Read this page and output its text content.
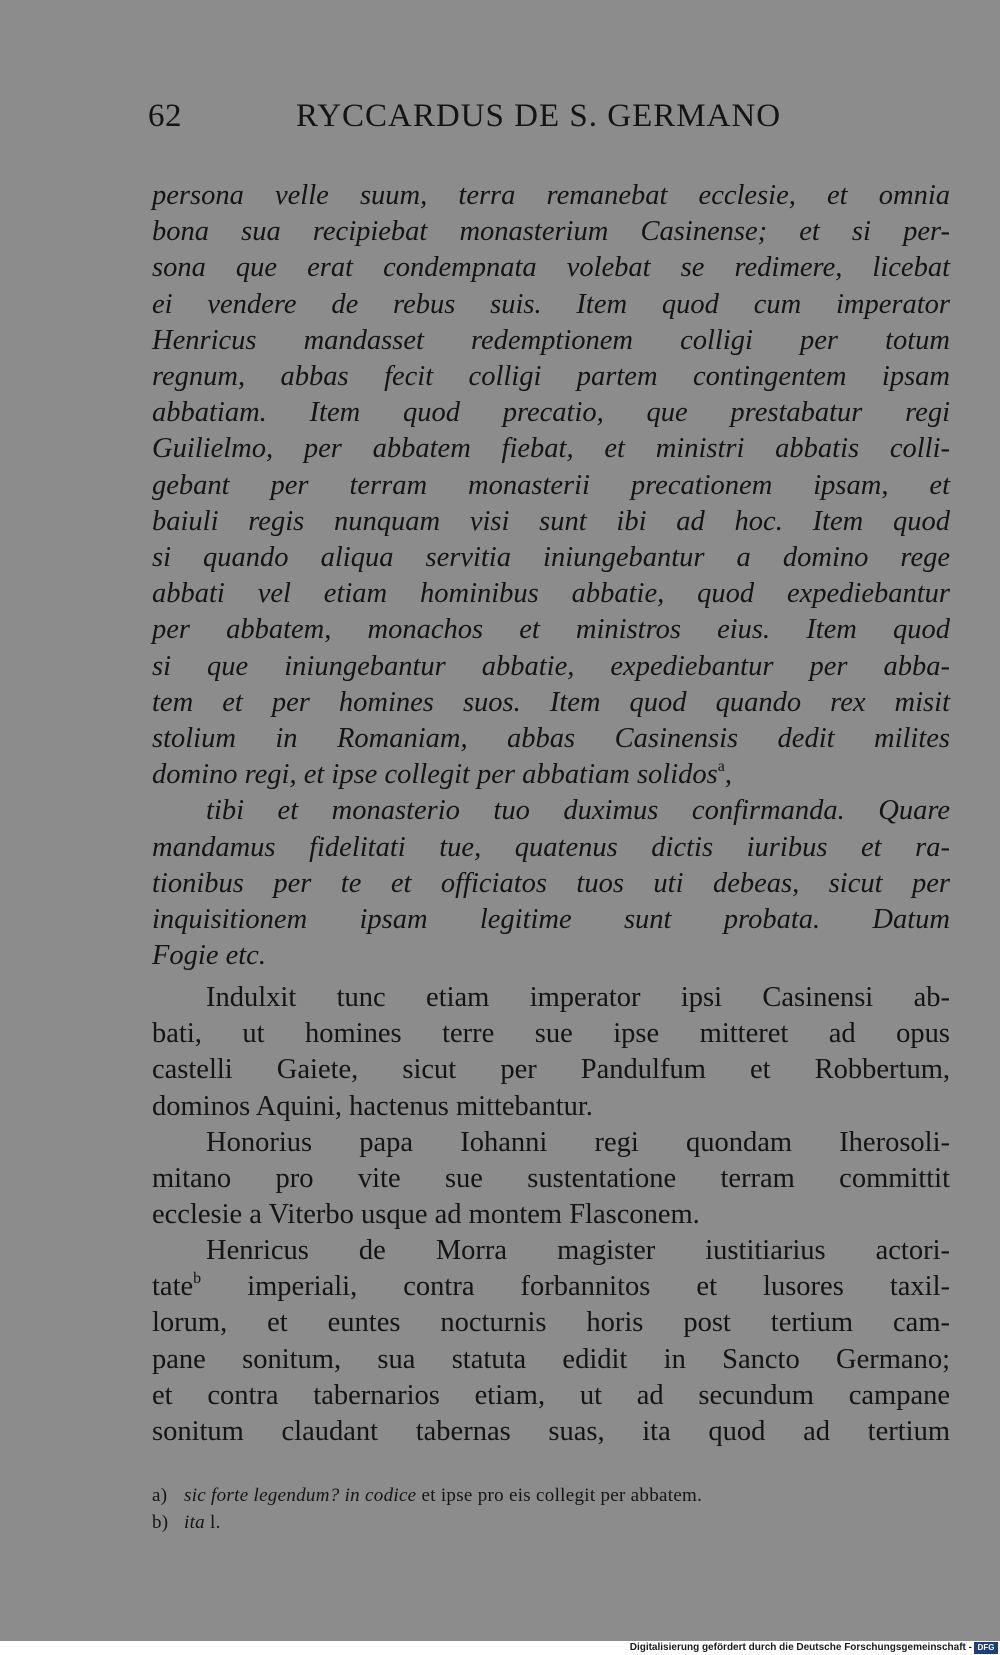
62	RYCCARDUS DE S. GERMANO
persona velle suum, terra remanebat ecclesie, et omnia
bona sua recipiebat monasterium Casinense; et si per-
sona que erat condempnata volebat se redimere, licebat
ei vendere de rebus suis. Item quod cum imperator
Henricus mandasset redemptionem colligi per totum
regnum, abbas fecit colligi partem contingentem ipsam
abbatiam. Item quod precatio, que prestabatur regi
Guilielmo, per abbatem fiebat, et ministri abbatis colli-
gebant per terram monasterii precationem ipsam, et
baiuli regis nunquam visi sunt ibi ad hoc. Item quod
si quando aliqua servitia iniungebantur a domino rege
abbati vel etiam hominibus abbatie, quod expediebantur
per abbatem, monachos et ministros eius. Item quod
si que iniungebantur abbatie, expediebantur per abba-
tem et per homines suos. Item quod quando rex misit
stolium in Romaniam, abbas Casinensis dedit milites
domino regi, et ipse collegit per abbatiam solidos$^a$,
tibi et monasterio tuo duximus confirmanda. Quare
mandamus fidelitati tue, quatenus dictis iuribus et ra-
tionibus per te et officiatos tuos uti debeas, sicut per
inquisitionem ipsam legitime sunt probata. Datum
Fogie etc.
Indulxit tunc etiam imperator ipsi Casinensi ab-
bati, ut homines terre sue ipse mitteret ad opus
castelli Gaiete, sicut per Pandulfum et Robbertum,
dominos Aquini, hactenus mittebantur.
Honorius papa Iohanni regi quondam Iherosoli-
mitano pro vite sue sustentatione terram committit
ecclesie a Viterbo usque ad montem Flasconem.
Henricus de Morra magister iustitiarius actori-
tate$^b$ imperiali, contra forbannitos et lusores taxil-
lorum, et euntes nocturnis horis post tertium cam-
pane sonitum, sua statuta edidit in Sancto Germano;
et contra tabernarios etiam, ut ad secundum campane
sonitum claudant tabernas suas, ita quod ad tertium
a) sic forte legendum? in codice et ipse pro eis collegit per abbatem.
b) ita l.
Digitalisierung gefördert durch die Deutsche Forschungsgemeinschaft - DFG
